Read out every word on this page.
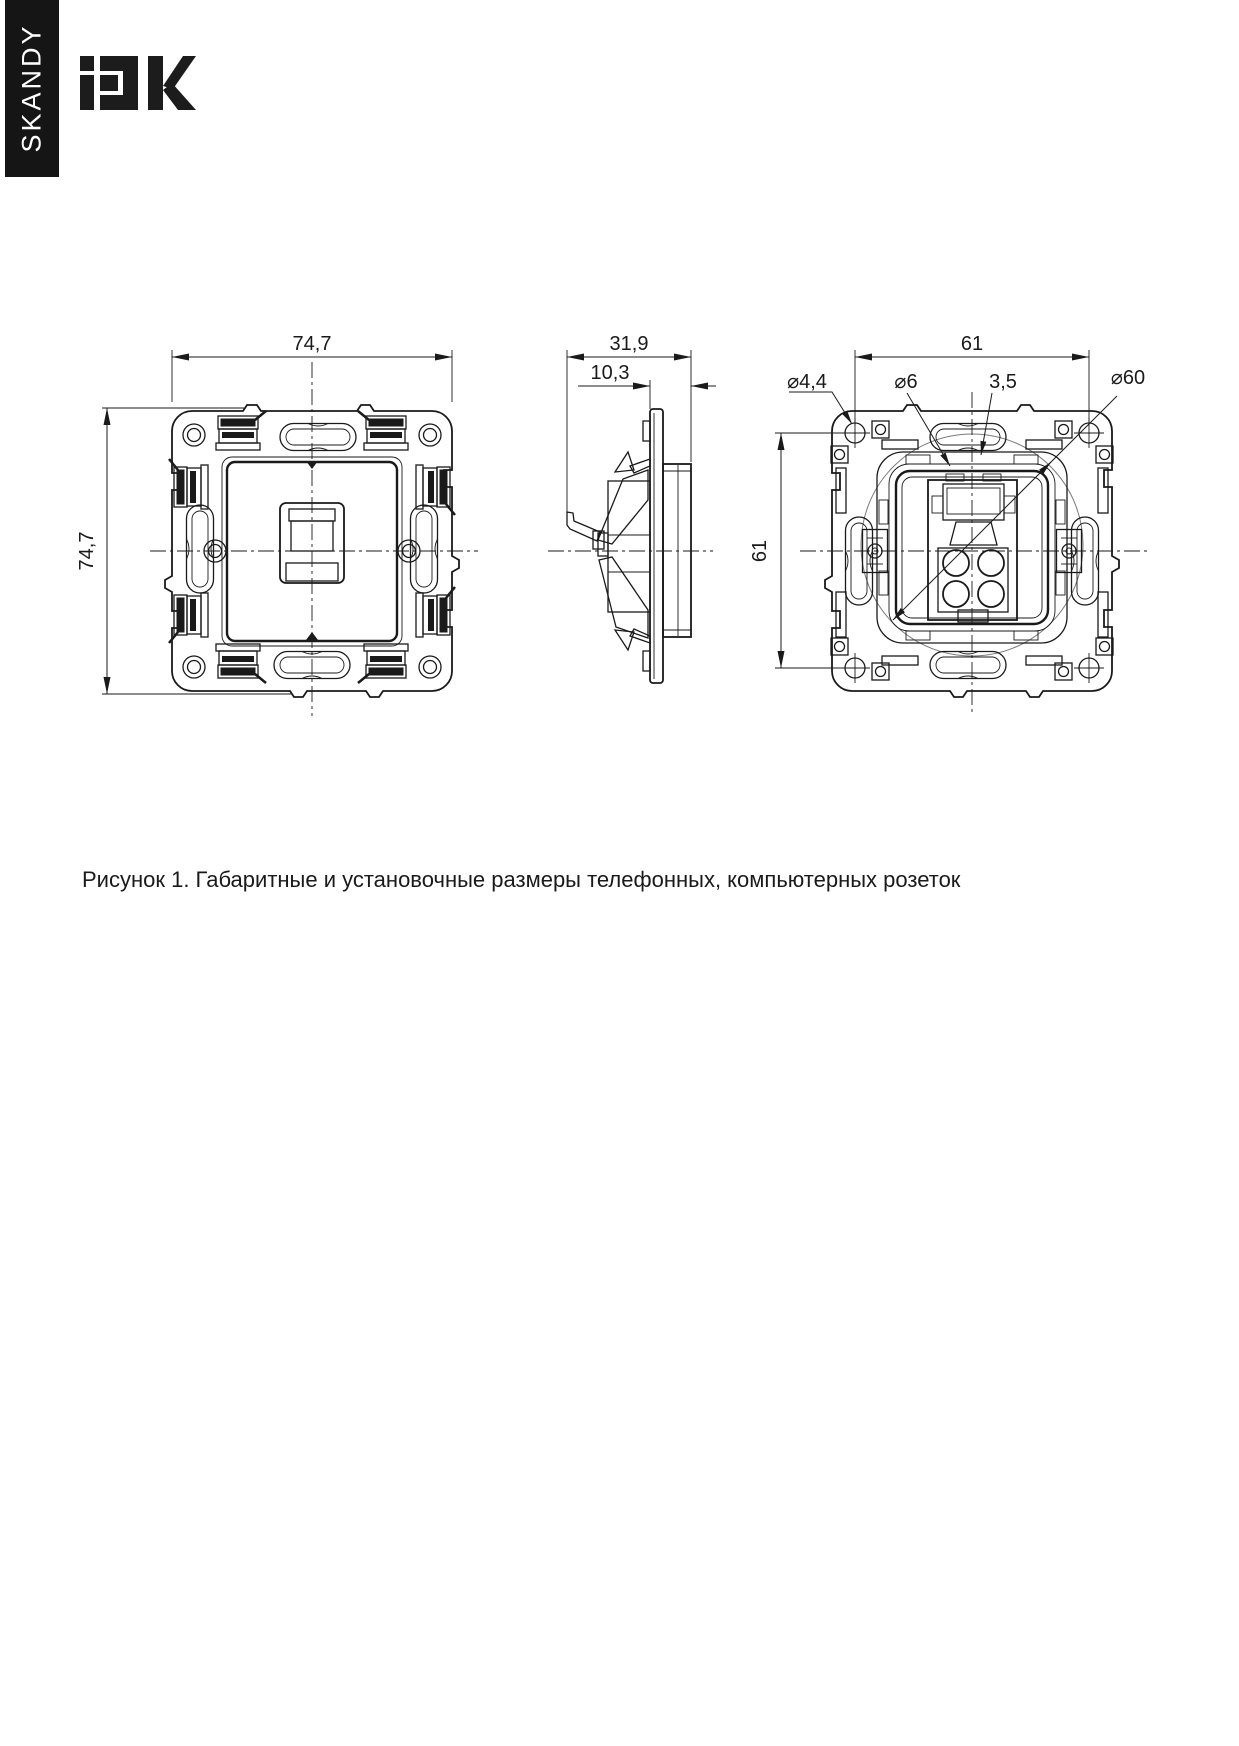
SKANDY
74,7
74,7
31,9
10,3
61
61
⌀4,4	⌀6	3,5	⌀60
Рисунок 1. Габаритные и установочные размеры телефонных, компьютерных розеток
